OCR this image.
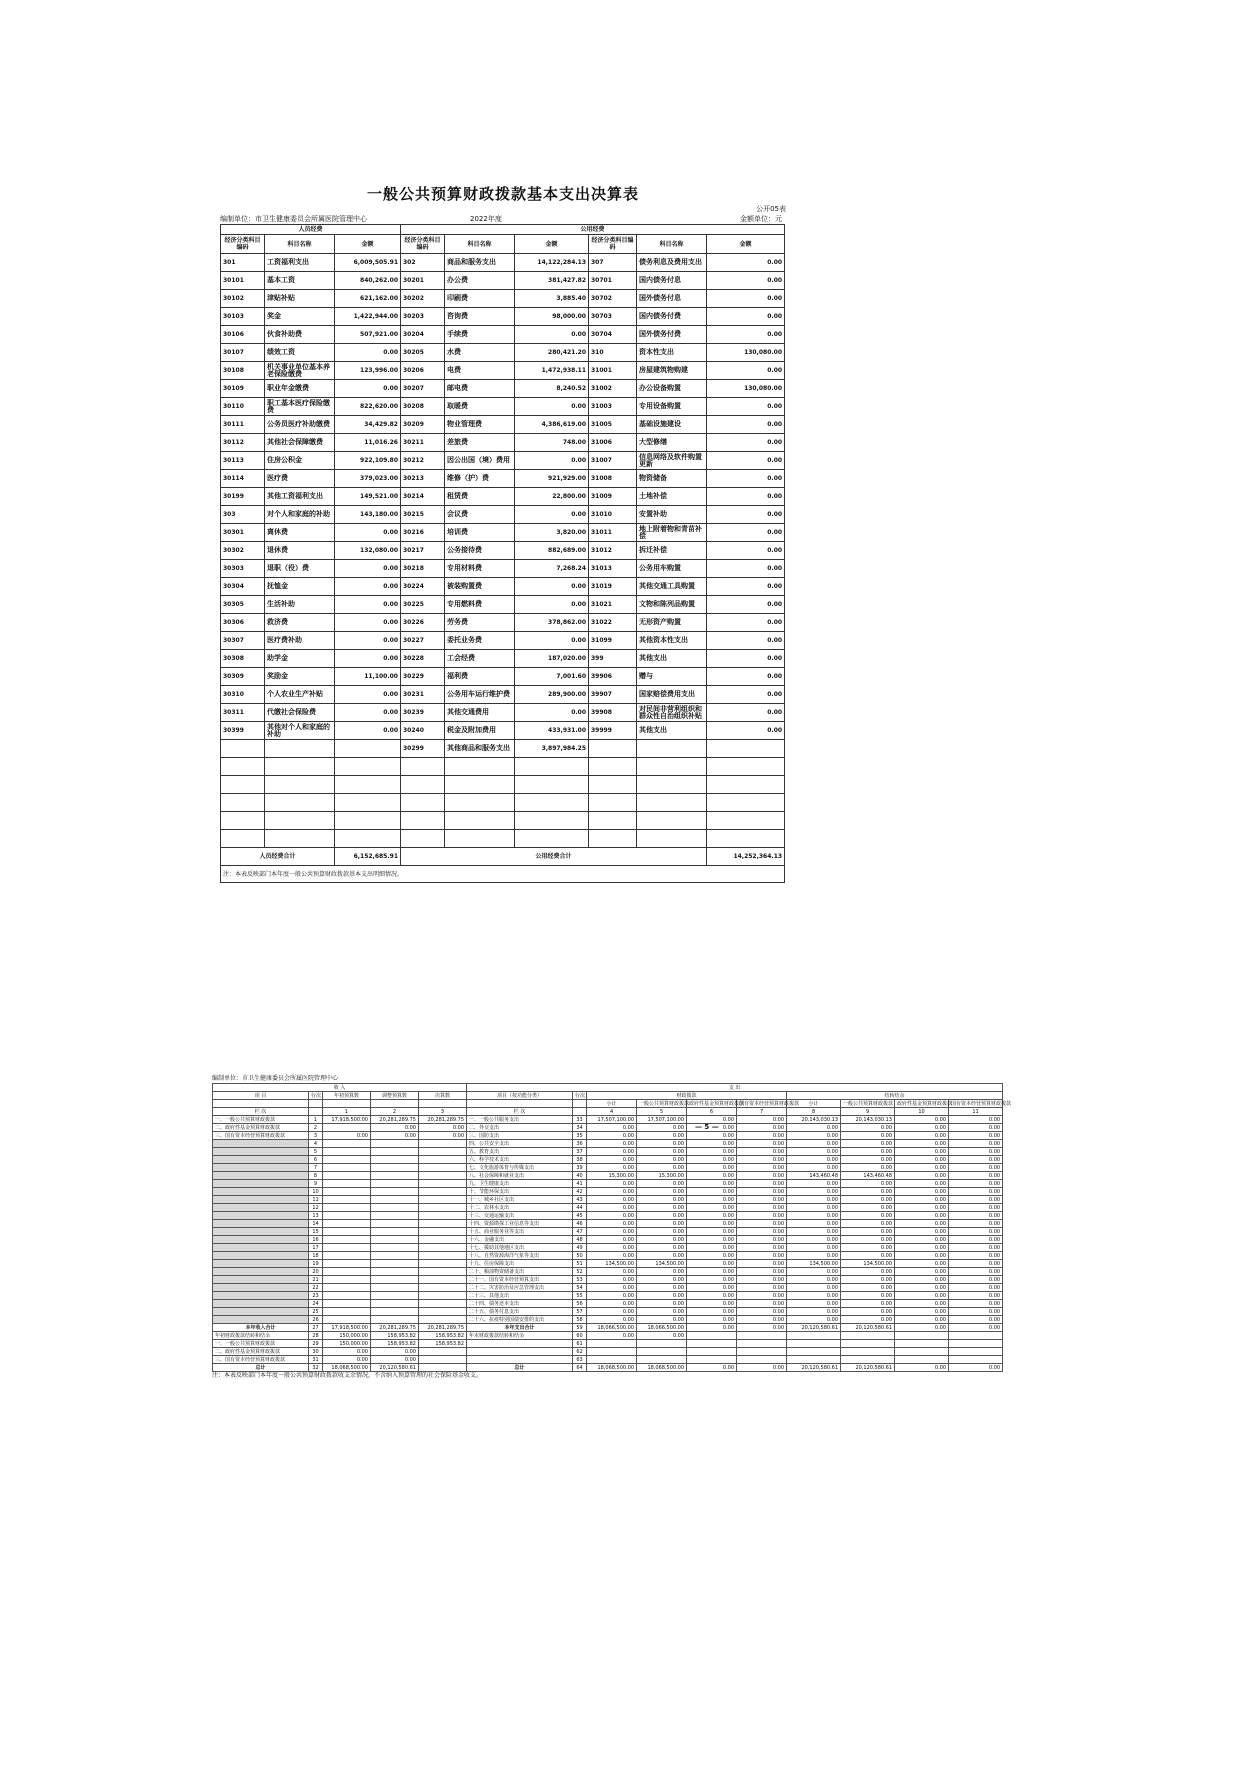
一般公共预算财政拨款基本支出决算表
公开05表
编制单位：市卫生健康委员会所属医院管理中心	2022年度	金额单位：元
人员经费			公用经费					
经济分类科目编码	科目名称	金额	经济分类科目编码	科目名称	金额	经济分类科目编码	科目名称	金额
301	工资福利支出	6,009,505.91	302	商品和服务支出	14,122,284.13	307	债务利息及费用支出	0.00
30101	基本工资	840,262.00	30201	办公费	381,427.82	30701	国内债务付息	0.00
30102	津贴补贴	621,162.00	30202	印刷费	3,885.40	30702	国外债务付息	0.00
30103	奖金	1,422,944.00	30203	咨询费	98,000.00	30703	国内债务付费	0.00
30106	伙食补助费	507,921.00	30204	手续费	0.00	30704	国外债务付费	0.00
30107	绩效工资	0.00	30205	水费	280,421.20	310	资本性支出	130,080.00
30108	机关事业单位基本养老保险缴费	123,996.00	30206	电费	1,472,938.11	31001	房屋建筑物购建	0.00
30109	职业年金缴费	0.00	30207	邮电费	8,240.52	31002	办公设备购置	130,080.00
30110	职工基本医疗保险缴费	822,620.00	30208	取暖费	0.00	31003	专用设备购置	0.00
30111	公务员医疗补助缴费	34,429.82	30209	物业管理费	4,386,619.00	31005	基础设施建设	0.00
30112	其他社会保障缴费	11,016.26	30211	差旅费	748.00	31006	大型修缮	0.00
30113	住房公积金	922,109.80	30212	因公出国（境）费用	0.00	31007	信息网络及软件购置更新	0.00
30114	医疗费	379,023.00	30213	维修（护）费	921,929.00	31008	物资储备	0.00
30199	其他工资福利支出	149,521.00	30214	租赁费	22,800.00	31009	土地补偿	0.00
303	对个人和家庭的补助	143,180.00	30215	会议费	0.00	31010	安置补助	0.00
30301	离休费	0.00	30216	培训费	3,820.00	31011	地上附着物和青苗补偿	0.00
30302	退休费	132,080.00	30217	公务接待费	882,689.00	31012	拆迁补偿	0.00
30303	退职（役）费	0.00	30218	专用材料费	7,268.24	31013	公务用车购置	0.00
30304	抚恤金	0.00	30224	被装购置费	0.00	31019	其他交通工具购置	0.00
30305	生活补助	0.00	30225	专用燃料费	0.00	31021	文物和陈列品购置	0.00
30306	救济费	0.00	30226	劳务费	378,862.00	31022	无形资产购置	0.00
30307	医疗费补助	0.00	30227	委托业务费	0.00	31099	其他资本性支出	0.00
30308	助学金	0.00	30228	工会经费	187,020.00	399	其他支出	0.00
30309	奖励金	11,100.00	30229	福利费	7,001.60	39906	赠与	0.00
30310	个人农业生产补贴	0.00	30231	公务用车运行维护费	289,900.00	39907	国家赔偿费用支出	0.00
30311	代缴社会保险费	0.00	30239	其他交通费用	0.00	39908	对民间非营利组织和群众性自治组织补贴	0.00
30399	其他对个人和家庭的补助	0.00	30240	税金及附加费用	433,931.00	39999	其他支出	0.00
			30299	其他商品和服务支出	3,897,984.25			

人员经费合计		6,152,685.91	公用经费合计					14,252,364.13
注：本表反映部门本年度一般公共预算财政拨款基本支出明细情况。								
— 5 —
编制单位：市卫生健康委员会所属医院管理中心
收 入					支 出									
项 目	行次	年初预算数	调整预算数	决算数	项目（按功能分类）	行次	财政拨款				结转结余			
							小计	一般公共预算财政拨款	政府性基金预算财政拨款	国有资本经营预算财政拨款	小计	一般公共预算财政拨款	政府性基金预算财政拨款	国有资本经营预算财政拨款
栏 次		1	2	3	栏 次		4	5	6	7	8	9	10	11
一、一般公共预算财政拨款	1	17,918,500.00	20,281,289.75	20,281,289.75	一、一般公共服务支出	33	17,507,100.00	17,507,100.00	0.00	0.00	20,143,030.13	20,143,030.13	0.00	0.00
二、政府性基金预算财政拨款	2		0.00	0.00	二、外交支出	34	0.00	0.00	0.00	0.00	0.00	0.00	0.00	0.00
三、国有资本经营预算财政拨款	3	0.00	0.00	0.00	三、国防支出	35	0.00	0.00	0.00	0.00	0.00	0.00	0.00	0.00
	4				四、公共安全支出	36	0.00	0.00	0.00	0.00	0.00	0.00	0.00	0.00
	5				五、教育支出	37	0.00	0.00	0.00	0.00	0.00	0.00	0.00	0.00
	6				六、科学技术支出	38	0.00	0.00	0.00	0.00	0.00	0.00	0.00	0.00
	7				七、文化旅游体育与传媒支出	39	0.00	0.00	0.00	0.00	0.00	0.00	0.00	0.00
	8				八、社会保障和就业支出	40	15,300.00	15,300.00	0.00	0.00	143,460.48	143,460.48	0.00	0.00
	9				九、卫生健康支出	41	0.00	0.00	0.00	0.00	0.00	0.00	0.00	0.00
	10				十、节能环保支出	42	0.00	0.00	0.00	0.00	0.00	0.00	0.00	0.00
	11				十一、城乡社区支出	43	0.00	0.00	0.00	0.00	0.00	0.00	0.00	0.00
	12				十二、农林水支出	44	0.00	0.00	0.00	0.00	0.00	0.00	0.00	0.00
	13				十三、交通运输支出	45	0.00	0.00	0.00	0.00	0.00	0.00	0.00	0.00
	14				十四、资源勘探工业信息等支出	46	0.00	0.00	0.00	0.00	0.00	0.00	0.00	0.00
	15				十五、商业服务业等支出	47	0.00	0.00	0.00	0.00	0.00	0.00	0.00	0.00
	16				十六、金融支出	48	0.00	0.00	0.00	0.00	0.00	0.00	0.00	0.00
	17				十七、援助其他地区支出	49	0.00	0.00	0.00	0.00	0.00	0.00	0.00	0.00
	18				十八、自然资源海洋气象等支出	50	0.00	0.00	0.00	0.00	0.00	0.00	0.00	0.00
	19				十九、住房保障支出	51	134,500.00	134,500.00	0.00	0.00	134,500.00	134,500.00	0.00	0.00
	20				二十、粮油物资储备支出	52	0.00	0.00	0.00	0.00	0.00	0.00	0.00	0.00
	21				二十一、国有资本经营预算支出	53	0.00	0.00	0.00	0.00	0.00	0.00	0.00	0.00
	22				二十二、灾害防治及应急管理支出	54	0.00	0.00	0.00	0.00	0.00	0.00	0.00	0.00
	23				二十三、其他支出	55	0.00	0.00	0.00	0.00	0.00	0.00	0.00	0.00
	24				二十四、债务还本支出	56	0.00	0.00	0.00	0.00	0.00	0.00	0.00	0.00
	25				二十五、债务付息支出	57	0.00	0.00	0.00	0.00	0.00	0.00	0.00	0.00
	26				二十六、抗疫特别国债安排的支出	58	0.00	0.00	0.00	0.00	0.00	0.00	0.00	0.00
本年收入合计	27	17,918,500.00	20,281,289.75	20,281,289.75	本年支出合计	59	18,066,500.00	18,066,500.00	0.00	0.00	20,120,580.61	20,120,580.61	0.00	0.00
年初财政拨款结转和结余	28	150,000.00	158,953.82	158,953.82	年末财政拨款结转和结余	60	0.00	0.00						
一、一般公共预算财政拨款	29	150,000.00	158,953.82	158,953.82		61								
二、政府性基金预算财政拨款	30	0.00	0.00			62								
三、国有资本经营预算财政拨款	31	0.00	0.00			63								
总计	32	18,068,500.00	20,120,580.61		总计	64	18,068,500.00	18,068,500.00	0.00	0.00	20,120,580.61	20,120,580.61	0.00	0.00
注：本表反映部门本年度一般公共预算财政拨款收支余情况，不含纳入预算管理的社会保险基金收支。
